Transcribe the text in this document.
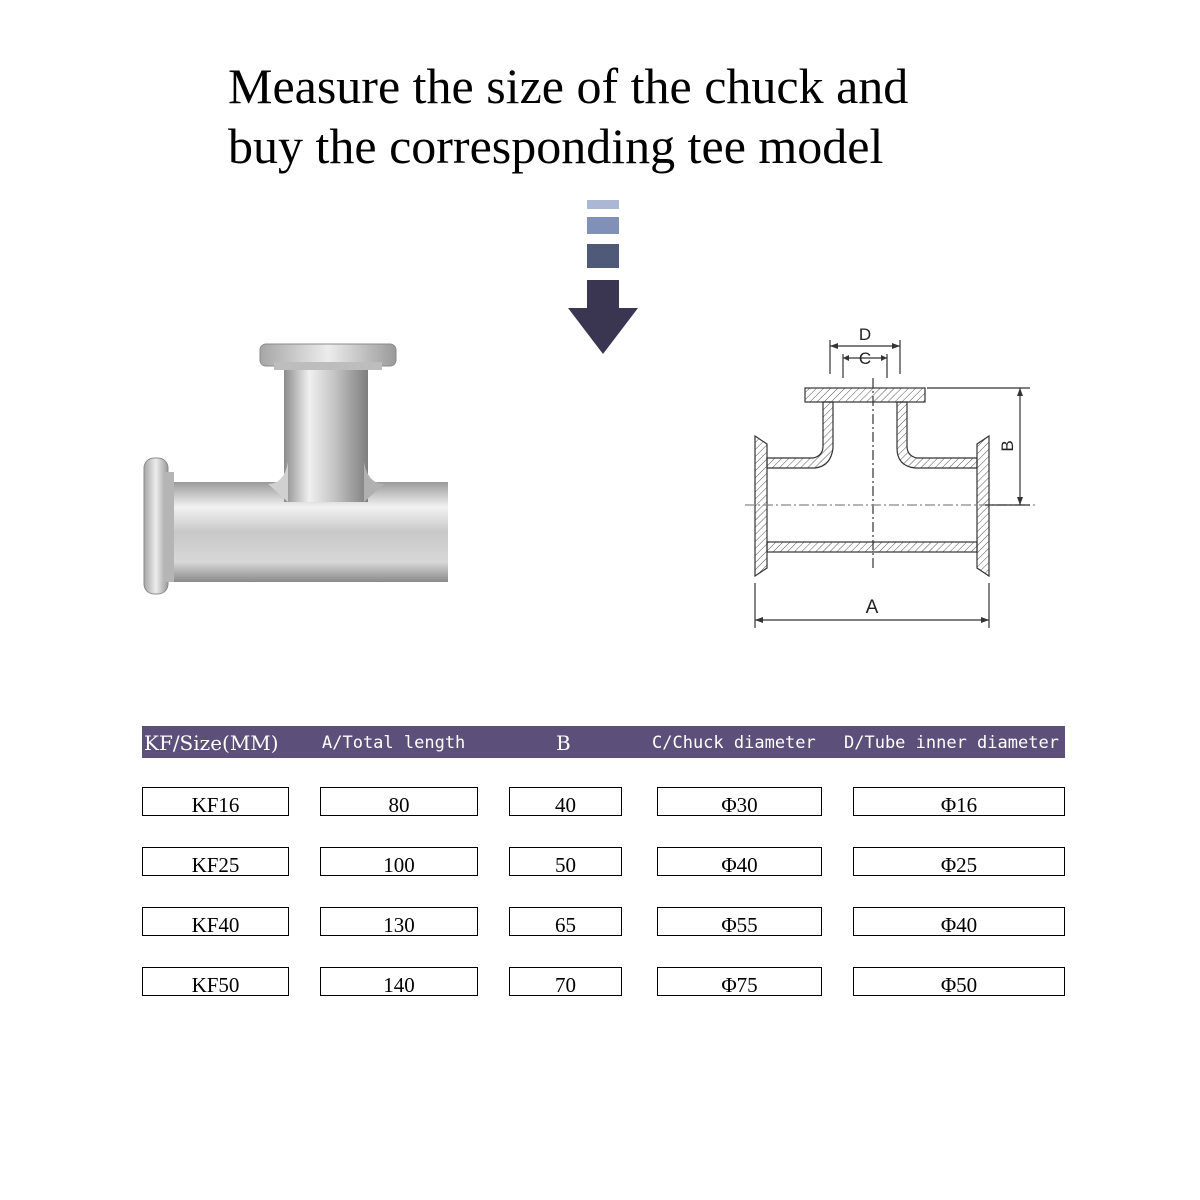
Measure the size of the chuck and
buy the corresponding tee model
D
C
B
A
KF/Size(MM)	A/Total length	B	C/Chuck diameter	D/Tube inner diameter
KF16	80	40	Φ30	Φ16
KF25	100	50	Φ40	Φ25
KF40	130	65	Φ55	Φ40
KF50	140	70	Φ75	Φ50
